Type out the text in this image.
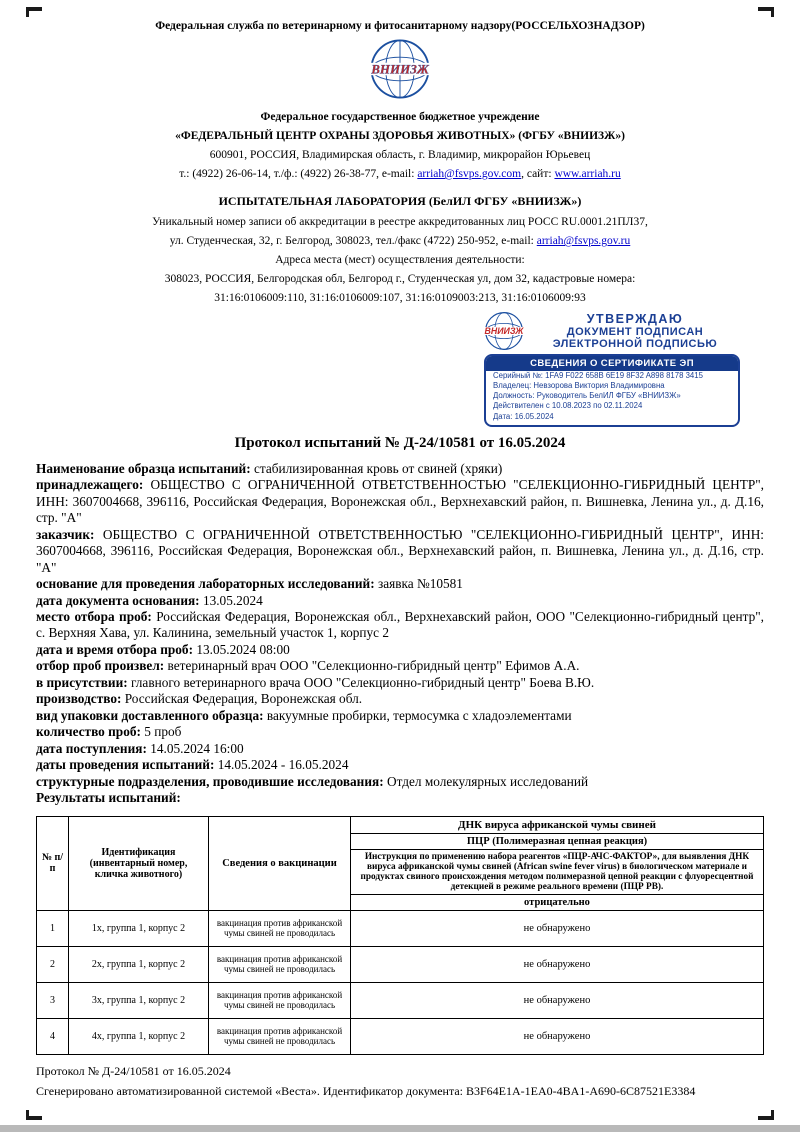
Федеральная служба по ветеринарному и фитосанитарному надзору(РОССЕЛЬХОЗНАДЗОР)

ВНИИЗЖ

Федеральное государственное бюджетное учреждение

«ФЕДЕРАЛЬНЫЙ ЦЕНТР ОХРАНЫ ЗДОРОВЬЯ ЖИВОТНЫХ» (ФГБУ «ВНИИЗЖ»)

600901, РОССИЯ, Владимирская область, г. Владимир, микрорайон Юрьевец

т.: (4922) 26-06-14, т./ф.: (4922) 26-38-77, e-mail: arriah@fsvps.gov.com, сайт: www.arriah.ru

ИСПЫТАТЕЛЬНАЯ ЛАБОРАТОРИЯ (БелИЛ ФГБУ «ВНИИЗЖ»)

Уникальный номер записи об аккредитации в реестре аккредитованных лиц РОСС RU.0001.21ПЛ37,

ул. Студенческая, 32, г. Белгород, 308023, тел./факс (4722) 250-952, e-mail: arriah@fsvps.gov.ru

Адреса места (мест) осуществления деятельности:

308023, РОССИЯ, Белгородская обл, Белгород г., Студенческая ул, дом 32, кадастровые номера:

31:16:0106009:110, 31:16:0106009:107, 31:16:0109003:213, 31:16:0106009:93

ВНИИЗЖ
УТВЕРЖДАЮ
ДОКУМЕНТ ПОДПИСАН
ЭЛЕКТРОННОЙ ПОДПИСЬЮ
СВЕДЕНИЯ О СЕРТИФИКАТЕ ЭП
Серийный №: 1FA9 F022 658B 6E19 8F32 A898 8178 3415
Владелец: Невзорова Виктория Владимировна
Должность: Руководитель БелИЛ ФГБУ «ВНИИЗЖ»
Действителен с 10.08.2023 по 02.11.2024
Дата: 16.05.2024

Протокол испытаний № Д-24/10581 от 16.05.2024

Наименование образца испытаний: стабилизированная кровь от свиней (хряки)

принадлежащего: ОБЩЕСТВО С ОГРАНИЧЕННОЙ ОТВЕТСТВЕННОСТЬЮ "СЕЛЕКЦИОННО-ГИБРИДНЫЙ ЦЕНТР", ИНН: 3607004668, 396116, Российская Федерация, Воронежская обл., Верхнехавский район, п. Вишневка, Ленина ул., д. Д.16, стр. "А"

заказчик: ОБЩЕСТВО С ОГРАНИЧЕННОЙ ОТВЕТСТВЕННОСТЬЮ "СЕЛЕКЦИОННО-ГИБРИДНЫЙ ЦЕНТР", ИНН: 3607004668, 396116, Российская Федерация, Воронежская обл., Верхнехавский район, п. Вишневка, Ленина ул., д. Д.16, стр. "А"

основание для проведения лабораторных исследований: заявка №10581

дата документа основания: 13.05.2024

место отбора проб: Российская Федерация, Воронежская обл., Верхнехавский район, ООО "Селекционно-гибридный центр", с. Верхняя Хава, ул. Калинина, земельный участок 1, корпус 2

дата и время отбора проб: 13.05.2024 08:00

отбор проб произвел: ветеринарный врач ООО "Селекционно-гибридный центр" Ефимов А.А.

в присутствии: главного ветеринарного врача ООО "Селекционно-гибридный центр" Боева В.Ю.

производство: Российская Федерация, Воронежская обл.

вид упаковки доставленного образца: вакуумные пробирки, термосумка с хладоэлементами

количество проб: 5 проб

дата поступления: 14.05.2024 16:00

даты проведения испытаний: 14.05.2024 - 16.05.2024

структурные подразделения, проводившие исследования: Отдел молекулярных исследований

Результаты испытаний:

№ п/п	Идентификация (инвентарный номер, кличка животного)	Сведения о вакцинации	ДНК вируса африканской чумы свиней
			ПЦР (Полимеразная цепная реакция)
			Инструкция по применению набора реагентов «ПЦР-АЧС-ФАКТОР», для выявления ДНК вируса африканской чумы свиней (African swine fever virus) в биологическом материале и продуктах свиного происхождения методом полимеразной цепной реакции с флуоресцентной детекцией в режиме реального времени (ПЦР РВ).
			отрицательно
1	1х, группа 1, корпус 2	вакцинация против африканской чумы свиней не проводилась	не обнаружено
2	2х, группа 1, корпус 2	вакцинация против африканской чумы свиней не проводилась	не обнаружено
3	3х, группа 1, корпус 2	вакцинация против африканской чумы свиней не проводилась	не обнаружено
4	4х, группа 1, корпус 2	вакцинация против африканской чумы свиней не проводилась	не обнаружено

Протокол № Д-24/10581 от 16.05.2024

Сгенерировано автоматизированной системой «Веста». Идентификатор документа: B3F64E1A-1EA0-4BA1-A690-6C87521E3384
